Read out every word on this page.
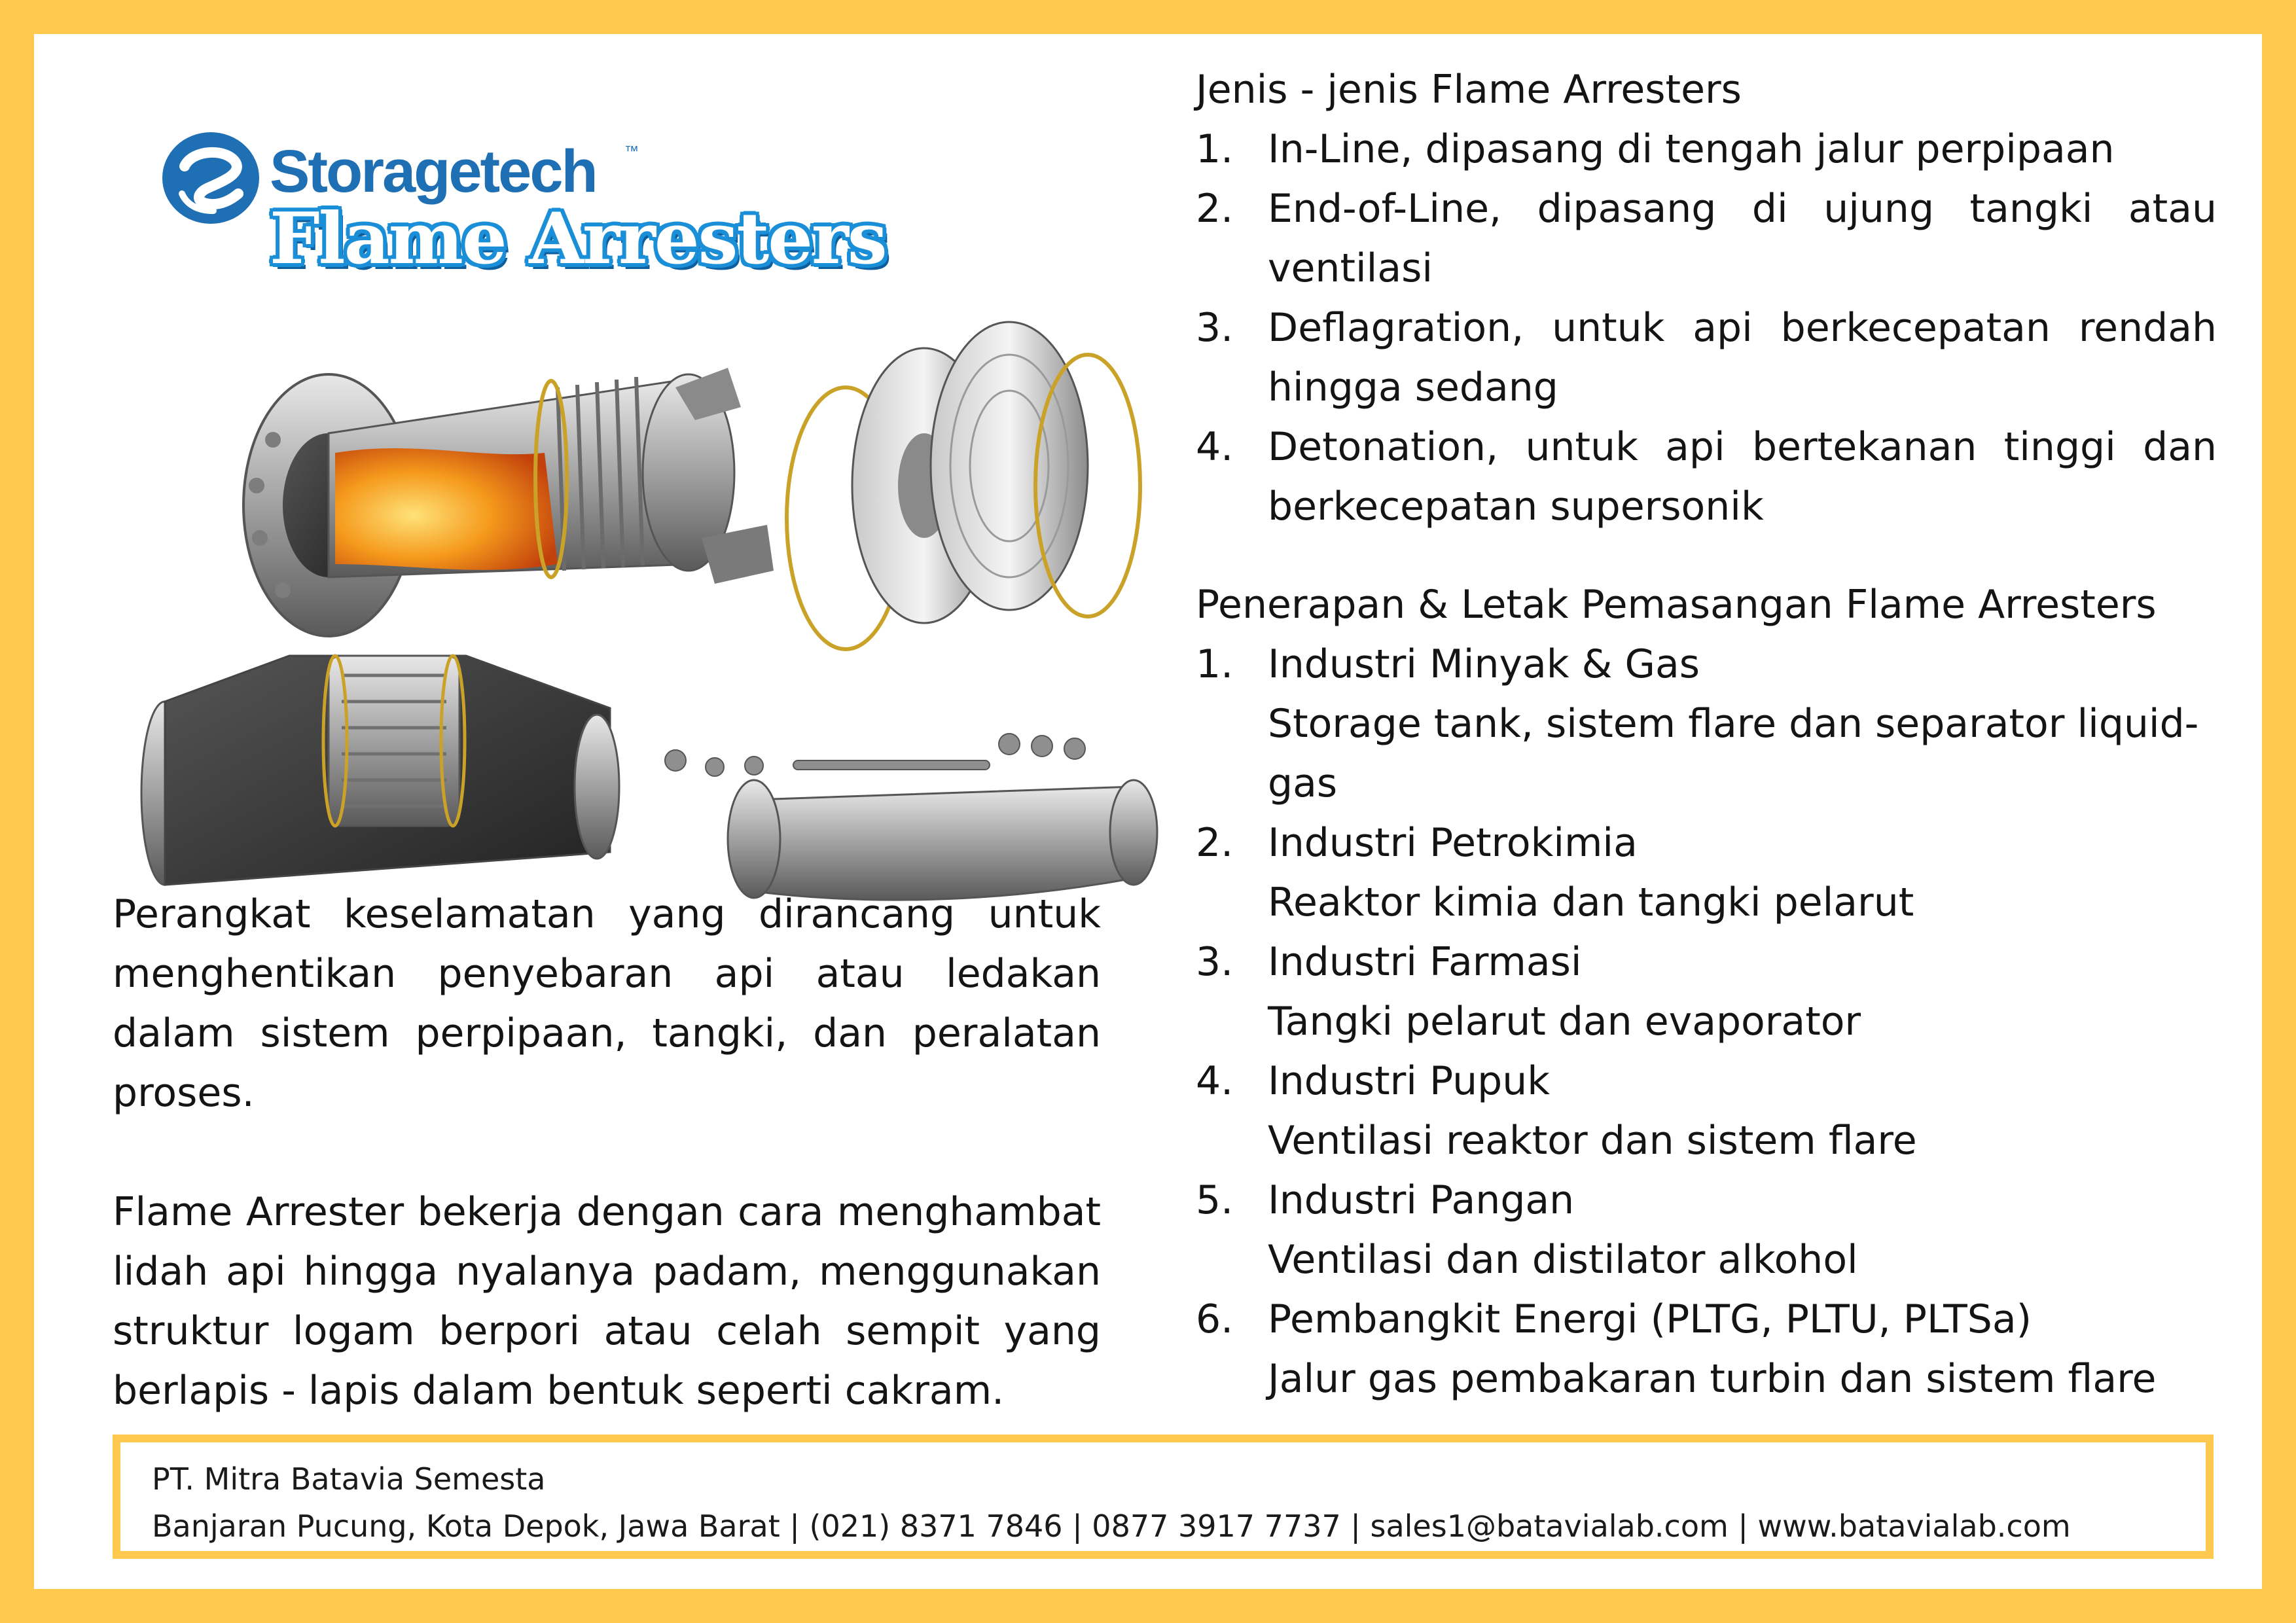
Storagetech ™
Flame Arresters

Perangkat keselamatan yang dirancang untuk menghentikan penyebaran api atau ledakan dalam sistem perpipaan, tangki, dan peralatan proses.

Flame Arrester bekerja dengan cara menghambat lidah api hingga nyalanya padam, menggunakan struktur logam berpori atau celah sempit yang berlapis - lapis dalam bentuk seperti cakram.

Jenis - jenis Flame Arresters

1. In-Line, dipasang di tengah jalur perpipaan
2. End-of-Line, dipasang di ujung tangki atau ventilasi
3. Deflagration, untuk api berkecepatan rendah hingga sedang
4. Detonation, untuk api bertekanan tinggi dan berkecepatan supersonik

Penerapan & Letak Pemasangan Flame Arresters

1. Industri Minyak & Gas
Storage tank, sistem flare dan separator liquid-gas
2. Industri Petrokimia
Reaktor kimia dan tangki pelarut
3. Industri Farmasi
Tangki pelarut dan evaporator
4. Industri Pupuk
Ventilasi reaktor dan sistem flare
5. Industri Pangan
Ventilasi dan distilator alkohol
6. Pembangkit Energi (PLTG, PLTU, PLTSa)
Jalur gas pembakaran turbin dan sistem flare
PT. Mitra Batavia Semesta
Banjaran Pucung, Kota Depok, Jawa Barat | (021) 8371 7846 | 0877 3917 7737 | sales1@batavialab.com | www.batavialab.com
